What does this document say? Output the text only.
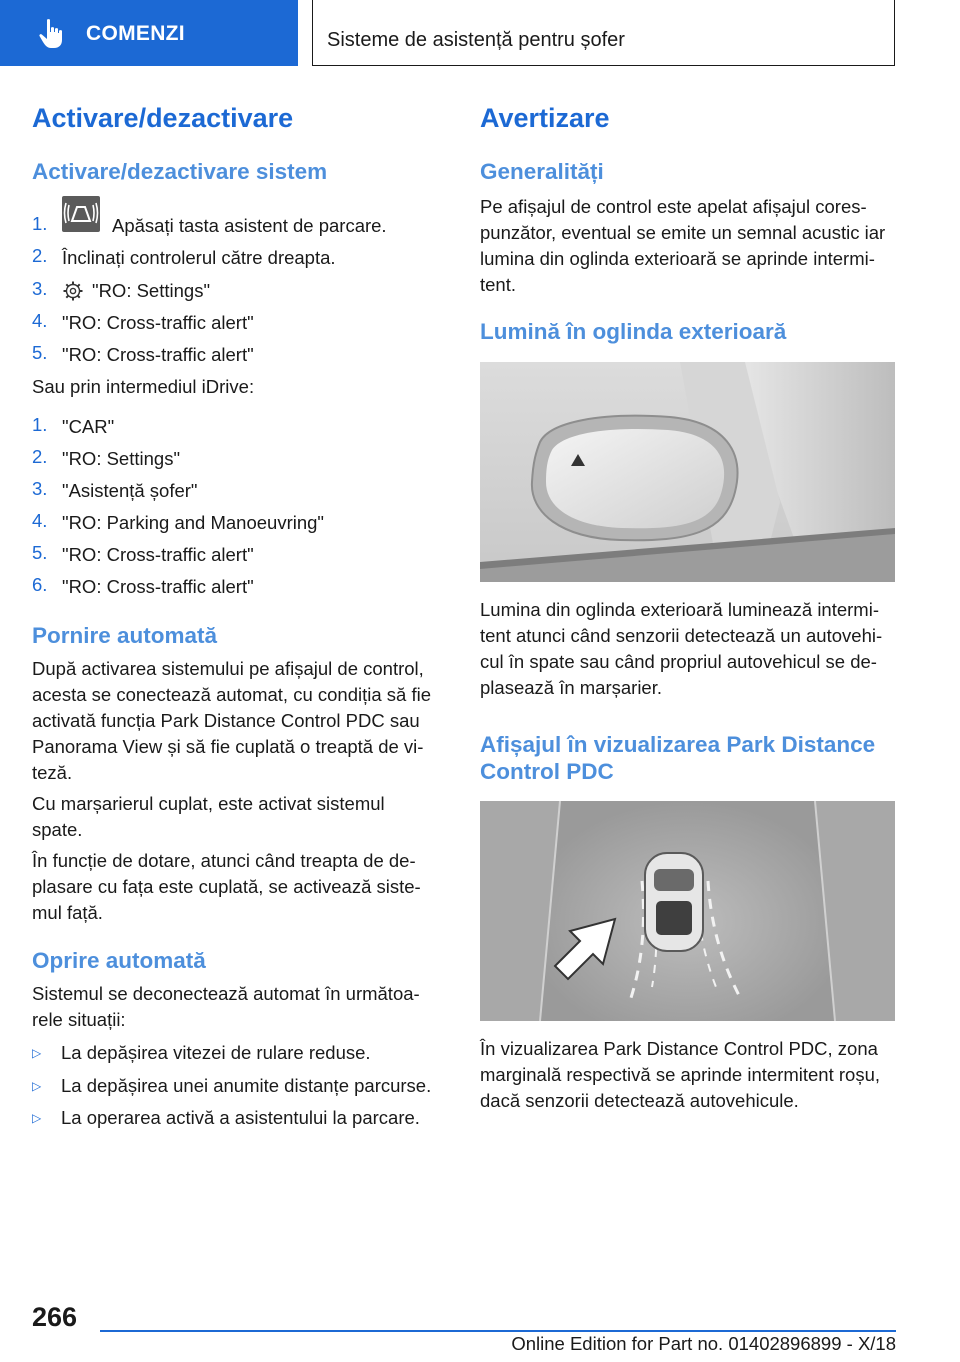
COMENZI	Sisteme de asistență pentru șofer
Activare/dezactivare
Activare/dezactivare sistem
1.	Apăsați tasta asistent de parcare.
2. Înclinați controlerul către dreapta.
3. "RO: Settings"
4. "RO: Cross-traffic alert"
5. "RO: Cross-traffic alert"
Sau prin intermediul iDrive:
1. "CAR"
2. "RO: Settings"
3. "Asistență șofer"
4. "RO: Parking and Manoeuvring"
5. "RO: Cross-traffic alert"
6. "RO: Cross-traffic alert"
Pornire automată
După activarea sistemului pe afișajul de control,
acesta se conectează automat, cu condiția să fie
activată funcția Park Distance Control PDC sau
Panorama View și să fie cuplată o treaptă de vi-
teză.
Cu marșarierul cuplat, este activat sistemul
spate.
În funcție de dotare, atunci când treapta de de-
plasare cu fața este cuplată, se activează siste-
mul față.
Oprire automată
Sistemul se deconectează automat în următoa-
rele situații:
▷ La depășirea vitezei de rulare reduse.
▷ La depășirea unei anumite distanțe parcurse.
▷ La operarea activă a asistentului la parcare.
Avertizare
Generalități
Pe afișajul de control este apelat afișajul cores-
punzător, eventual se emite un semnal acustic iar
lumina din oglinda exterioară se aprinde intermi-
tent.
Lumină în oglinda exterioară
Lumina din oglinda exterioară luminează intermi-
tent atunci când senzorii detectează un autovehi-
cul în spate sau când propriul autovehicul se de-
plasează în marșarier.
Afișajul în vizualizarea Park Distance
Control PDC
În vizualizarea Park Distance Control PDC, zona
marginală respectivă se aprinde intermitent roșu,
dacă senzorii detectează autovehicule.
266
Online Edition for Part no. 01402896899 - X/18
